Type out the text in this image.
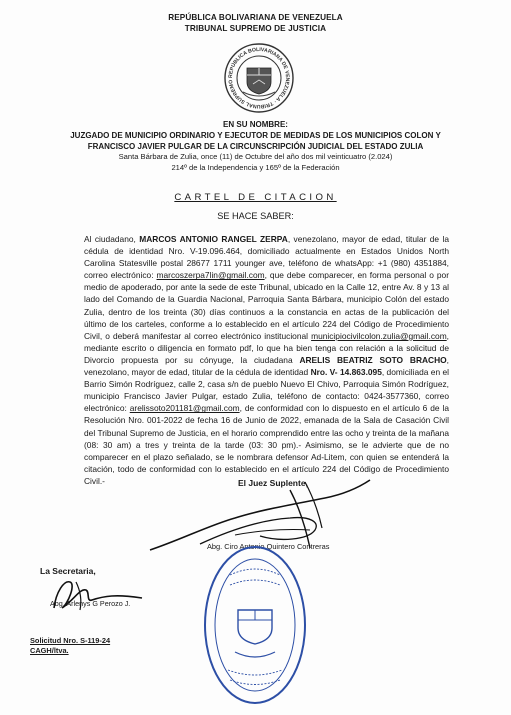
REPÚBLICA BOLIVARIANA DE VENEZUELA
TRIBUNAL SUPREMO DE JUSTICIA
REPÚBLICA BOLIVARIANA DE VENEZUELA · TRIBUNAL SUPREMO DE JUSTICIA ·
EN SU NOMBRE:
JUZGADO DE MUNICIPIO ORDINARIO Y EJECUTOR DE MEDIDAS DE LOS MUNICIPIOS COLON Y
FRANCISCO JAVIER PULGAR DE LA CIRCUNSCRIPCIÓN JUDICIAL DEL ESTADO ZULIA
Santa Bárbara de Zulia, once (11) de Octubre del año dos mil veinticuatro (2.024)
214º de la Independencia y 165º de la Federación
CARTEL DE CITACION
SE HACE SABER:

Al ciudadano, MARCOS ANTONIO RANGEL ZERPA, venezolano, mayor de edad, titular de la cédula de identidad Nro. V-19.096.464, domiciliado actualmente en Estados Unidos North Carolina Statesville postal 28677 1711 younger ave, teléfono de whatsApp: +1 (980) 4351884, correo electrónico: marcoszerpa7lin@gmail.com, que debe comparecer, en forma personal o por medio de apoderado, por ante la sede de este Tribunal, ubicado en la Calle 12, entre Av. 8 y 13 al lado del Comando de la Guardia Nacional, Parroquia Santa Bárbara, municipio Colón del estado Zulia, dentro de los treinta (30) días continuos a la constancia en actas de la publicación del último de los carteles, conforme a lo establecido en el artículo 224 del Código de Procedimiento Civil, o deberá manifestar al correo electrónico institucional municipiocivilcolon.zulia@gmail.com, mediante escrito o diligencia en formato pdf, lo que ha bien tenga con relación a la solicitud de Divorcio propuesta por su cónyuge, la ciudadana ARELIS BEATRIZ SOTO BRACHO, venezolano, mayor de edad, titular de la cédula de identidad Nro. V- 14.863.095, domiciliada en el Barrio Simón Rodríguez, calle 2, casa s/n de pueblo Nuevo El Chivo, Parroquia Simón Rodríguez, municipio Francisco Javier Pulgar, estado Zulia, teléfono de contacto: 0424-3577360, correo electrónico: arelissoto201181@gmail.com, de conformidad con lo dispuesto en el artículo 6 de la Resolución Nro. 001-2022 de fecha 16 de Junio de 2022, emanada de la Sala de Casación Civil del Tribunal Supremo de Justicia, en el horario comprendido entre las ocho y treinta de la mañana (08: 30 am) a tres y treinta de la tarde (03: 30 pm).- Asimismo, se le advierte que de no comparecer en el plazo señalado, se le nombrara defensor Ad-Litem, con quien se entenderá la citación, todo de conformidad con lo establecido en el artículo 224 del Código de Procedimiento Civil.-	El Juez Suplente,
Abg. Ciro Antonio Quintero Contreras
La Secretaria,
Abg. Arlenys G Perozo J.
Solicitud Nro. S-119-24
CAGH/ltva.
